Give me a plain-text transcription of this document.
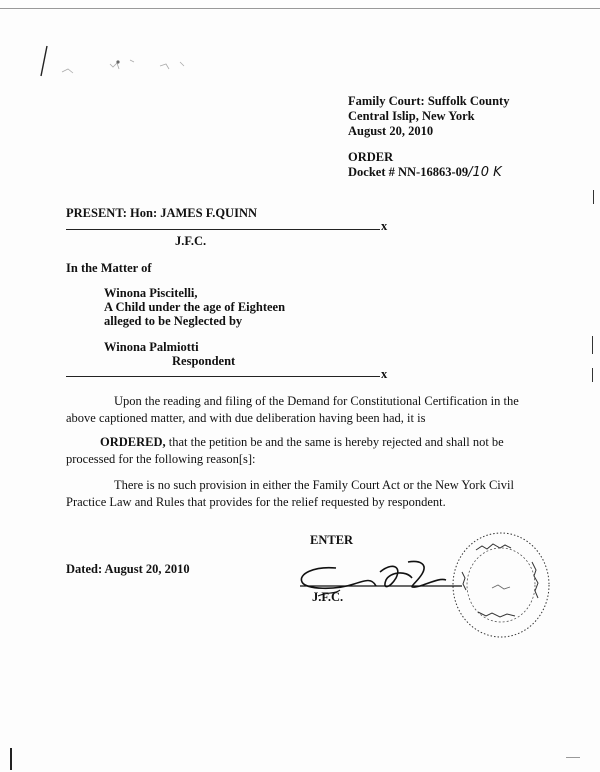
Family Court: Suffolk County
Central Islip, New York
August 20, 2010
ORDER
Docket # NN-16863-09/10 K
PRESENT: Hon: JAMES F.QUINN
x
J.F.C.
In the Matter of
Winona Piscitelli,
A Child under the age of Eighteen
alleged to be Neglected by
Winona Palmiotti
Respondent
x
Upon the reading and filing of the Demand for Constitutional Certification in the above captioned matter, and with due deliberation having been had, it is
ORDERED, that the petition be and the same is hereby rejected and shall not be processed for the following reason[s]:
There is no such provision in either the Family Court Act or the New York Civil Practice Law and Rules that provides for the relief requested by respondent.
ENTER
Dated: August 20, 2010
J.F.C.
